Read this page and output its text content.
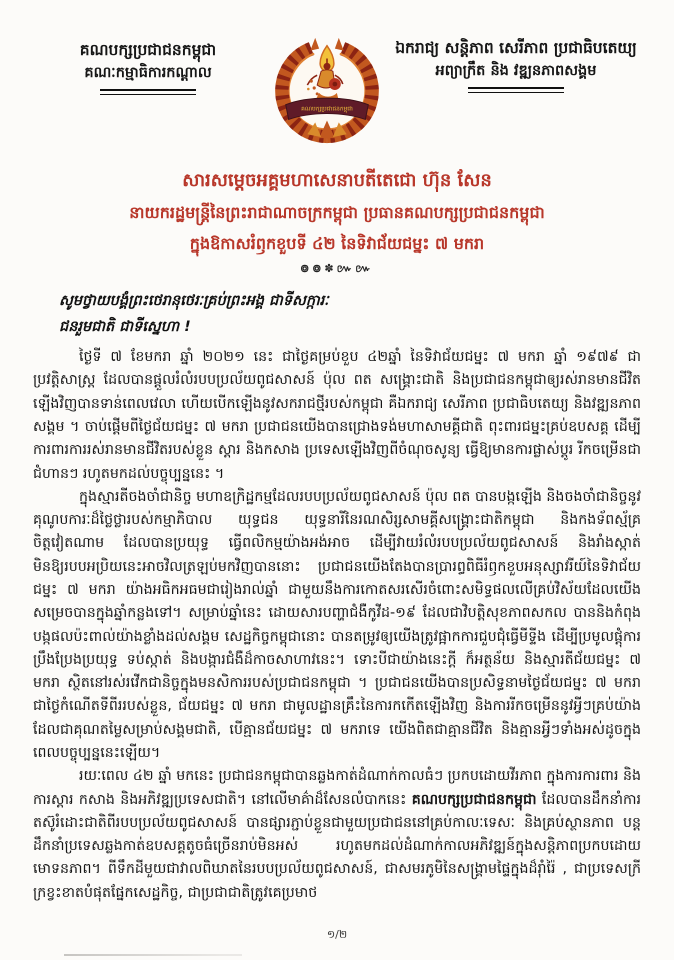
គណបក្សប្រជាជនកម្ពុជា
គណៈកម្មាធិការកណ្ដាល
គណបក្សប្រជាជនកម្ពុជា
ឯករាជ្យ សន្តិភាព សេរីភាព ប្រជាធិបតេយ្យ
អព្យាក្រឹត និង វឌ្ឍនភាពសង្គម
សារសម្ដេចអគ្គមហាសេនាបតីតេជោ ហ៊ុន សែន
នាយករដ្ឋមន្ត្រីនៃព្រះរាជាណាចក្រកម្ពុជា ប្រធានគណបក្សប្រជាជនកម្ពុជា
ក្នុងឱកាសរំឭកខួបទី ៤២ នៃទិវាជ័យជម្នះ ៧ មករា
៙៙✽៚៚
សូមថ្វាយបង្គំព្រះថេរានុថេរៈគ្រប់ព្រះអង្គ ជាទីសក្ការៈ
ជនរួមជាតិ ជាទីស្នេហា !

ថ្ងៃទី ៧ ខែមករា ឆ្នាំ ២០២១ នេះ ជាថ្ងៃគម្រប់ខួប ៤២ឆ្នាំ នៃទិវាជ័យជម្នះ ៧ មករា ឆ្នាំ ១៩៧៩ ជាប្រវត្តិសាស្ត្រ ដែលបានផ្ដួលរំលំរបបប្រល័យពូជសាសន៍ ប៉ុល ពត សង្គ្រោះជាតិ និងប្រជាជនកម្ពុជាឲ្យរស់រានមានជីវិតឡើងវិញបានទាន់ពេលវេលា ហើយបើកឡើងនូវសករាជថ្មីរបស់កម្ពុជា គឺឯករាជ្យ សេរីភាព ប្រជាធិបតេយ្យ និងវឌ្ឍនភាពសង្គម ។ ចាប់ផ្ដើមពីថ្ងៃជ័យជម្នះ ៧ មករា ប្រជាជនយើងបានជ្រោងទង់មហាសាមគ្គីជាតិ ពុះពារជម្នះគ្រប់ឧបសគ្គ ដើម្បីការពារការរស់រានមានជីវិតរបស់ខ្លួន ស្ដារ និងកសាង ប្រទេសឡើងវិញពីចំណុចសូន្យ ធ្វើឱ្យមានការផ្លាស់ប្ដូរ រីកចម្រើនជាជំហានៗ រហូតមកដល់បច្ចុប្បន្ននេះ ។

ក្នុងស្មារតីចងចាំជានិច្ច មហាឧក្រិដ្ឋកម្មដែលរបបប្រល័យពូជសាសន៍ ប៉ុល ពត បានបង្កឡើង និងចងចាំជានិច្ចនូវគុណូបការៈដ៏ថ្លៃថ្លារបស់កម្មាភិបាល យុទ្ធជន យុទ្ធនារីនៃរណសិរ្សសាមគ្គីសង្គ្រោះជាតិកម្ពុជា និងកងទ័ពស្ម័គ្រចិត្តវៀតណាម ដែលបានប្រយុទ្ធ ធ្វើពលិកម្មយ៉ាងអង់អាច ដើម្បីវាយរំលំរបបប្រល័យពូជសាសន៍ និងរាំងស្កាត់មិនឱ្យរបបអប្រិយនេះអាចវិលត្រឡប់មកវិញបាននោះ ប្រជាជនយើងតែងបានប្រារព្ធពិធីរំឭកខួបអនុស្សាវរីយ៍នៃទិវាជ័យជម្នះ ៧ មករា យ៉ាងអធិកអធមជារៀងរាល់ឆ្នាំ ជាមួយនឹងការកោតសរសើរចំពោះសមិទ្ធផលលើគ្រប់វិស័យដែលយើងសម្រេចបានក្នុងឆ្នាំកន្លងទៅ។ សម្រាប់ឆ្នាំនេះ ដោយសារបញ្ហាជំងឺកូវីដ-១៩ ដែលជាវិបត្តិសុខភាពសកល បាននិងកំពុងបង្កផលប៉ះពាល់យ៉ាងខ្លាំងដល់សង្គម សេដ្ឋកិច្ចកម្ពុជានោះ បានតម្រូវឲ្យយើងត្រូវផ្អាកការជួបជុំធ្វើមីទ្ទីង ដើម្បីប្រមូលផ្ដុំការប្រឹងប្រែងប្រយុទ្ធ ទប់ស្កាត់ និងបង្ការជំងឺដ៏កាចសាហាវនេះ។ ទោះបីជាយ៉ាងនេះក្ដី ក៏អត្ថន័យ និងស្មារតីជ័យជម្នះ ៧ មករា ស្ថិតនៅរស់រវើកជានិច្ចក្នុងមនសិការរបស់ប្រជាជនកម្ពុជា ។ ប្រជាជនយើងបានប្រសិទ្ធនាមថ្ងៃជ័យជម្នះ ៧ មករា ជាថ្ងៃកំណើតទីពីររបស់ខ្លួន, ជ័យជម្នះ ៧ មករា ជាមូលដ្ឋានគ្រឹះនៃការកកើតឡើងវិញ និងការរីកចម្រើននូវអ្វីៗគ្រប់យ៉ាង ដែលជាគុណតម្លៃសម្រាប់សង្គមជាតិ, បើគ្មានជ័យជម្នះ ៧ មករាទេ យើងពិតជាគ្មានជីវិត និងគ្មានអ្វីៗទាំងអស់ដូចក្នុងពេលបច្ចុប្បន្ននេះឡើយ។

រយៈពេល ៤២ ឆ្នាំ មកនេះ ប្រជាជនកម្ពុជាបានឆ្លងកាត់ដំណាក់កាលធំៗ ប្រកបដោយវីរភាព ក្នុងការការពារ និងការស្ដារ កសាង និងអភិវឌ្ឍប្រទេសជាតិ។ នៅលើមាគ៌ាដ៏សែនលំបាកនេះ គណបក្សប្រជាជនកម្ពុជា ដែលបានដឹកនាំការតស៊ូរំដោះជាតិពីរបបប្រល័យពូជសាសន៍ បានផ្សារភ្ជាប់ខ្លួនជាមួយប្រជាជននៅគ្រប់កាលៈទេសៈ និងគ្រប់ស្ថានភាព បន្តដឹកនាំប្រទេសឆ្លងកាត់ឧបសគ្គតូចធំច្រើនរាប់មិនអស់ រហូតមកដល់ដំណាក់កាលអភិវឌ្ឍន៍ក្នុងសន្តិភាពប្រកបដោយមោទនភាព។ ពីទឹកដីមួយជាវាលពិឃាតនៃរបបប្រល័យពូជសាសន៍, ជាសមរភូមិនៃសង្គ្រាមផ្ទៃក្នុងដ៏រ៉ាំរ៉ៃ , ជាប្រទេសក្រីក្រខ្វះខាតបំផុតផ្នែកសេដ្ឋកិច្ច, ជាប្រជាជាតិត្រូវគេប្រមាថ

១/២
